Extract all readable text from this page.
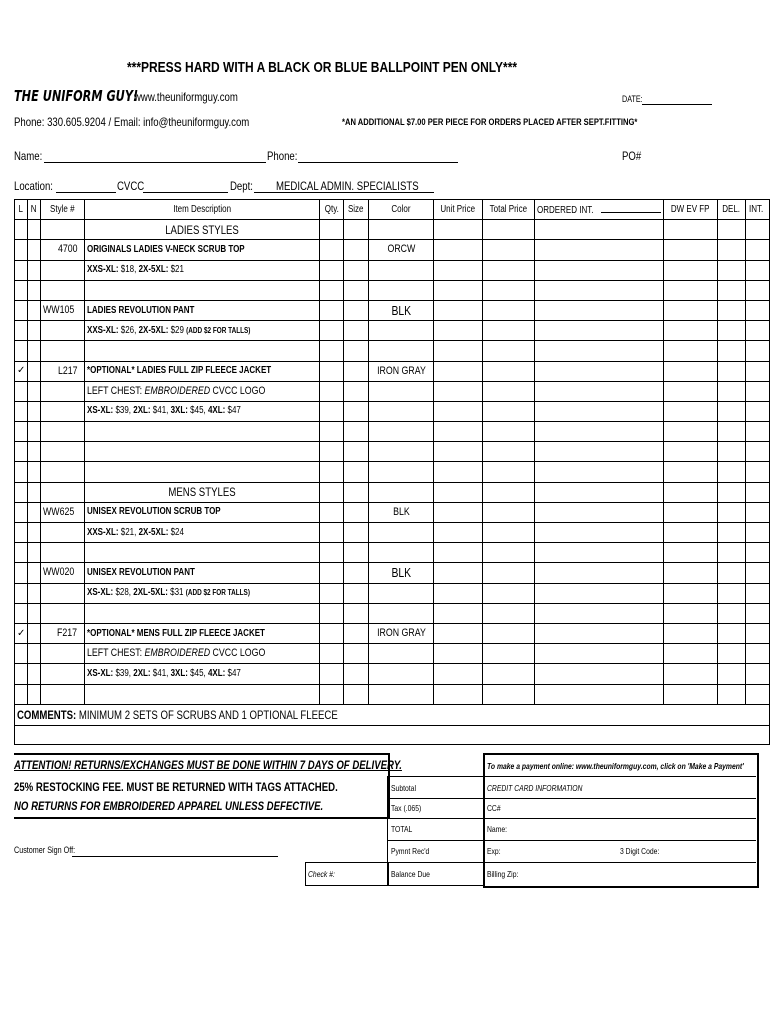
***PRESS HARD WITH A BLACK OR BLUE BALLPOINT PEN ONLY***
THE UNIFORM GUY!
www.theuniformguy.com	DATE:
Phone: 330.605.9204 / Email: info@theuniformguy.com	*AN ADDITIONAL $7.00 PER PIECE FOR ORDERS PLACED AFTER SEPT.FITTING*
Name:	Phone:	PO#
Location:	CVCC	Dept: MEDICAL ADMIN. SPECIALISTS
L	N	Style #	Item Description	Qty.	Size	Color	Unit Price	Total Price	ORDERED INT.	DW EV FP	DEL.	INT.
			LADIES STYLES									
		4700	ORIGINALS LADIES V-NECK SCRUB TOP			ORCW						
			XXS-XL: $18, 2X-5XL: $21									

		WW105	LADIES REVOLUTION PANT			BLK						
			XXS-XL: $26, 2X-5XL: $29 (ADD $2 FOR TALLS)									

✓		L217	*OPTIONAL* LADIES FULL ZIP FLEECE JACKET			IRON GRAY						
			LEFT CHEST: EMBROIDERED CVCC LOGO									
			XS-XL: $39, 2XL: $41, 3XL: $45, 4XL: $47									

			MENS STYLES									
		WW625	UNISEX REVOLUTION SCRUB TOP			BLK						
			XXS-XL: $21, 2X-5XL: $24									

		WW020	UNISEX REVOLUTION PANT			BLK						
			XS-XL: $28, 2XL-5XL: $31 (ADD $2 FOR TALLS)									

✓		F217	*OPTIONAL* MENS FULL ZIP FLEECE JACKET			IRON GRAY						
			LEFT CHEST: EMBROIDERED CVCC LOGO									
			XS-XL: $39, 2XL: $41, 3XL: $45, 4XL: $47									

COMMENTS: MINIMUM 2 SETS OF SCRUBS AND 1 OPTIONAL FLEECE												

ATTENTION! RETURNS/EXCHANGES MUST BE DONE WITHIN 7 DAYS OF DELIVERY.
25% RESTOCKING FEE. MUST BE RETURNED WITH TAGS ATTACHED.
NO RETURNS FOR EMBROIDERED APPAREL UNLESS DEFECTIVE.
Subtotal
Tax (.065)
TOTAL
Pymnt Rec'd
Balance Due
Check #:
To make a payment online: www.theuniformguy.com, click on 'Make a Payment'
CREDIT CARD INFORMATION
CC#
Name:
Exp:	3 Digit Code:
Billing Zip:
Customer Sign Off:
